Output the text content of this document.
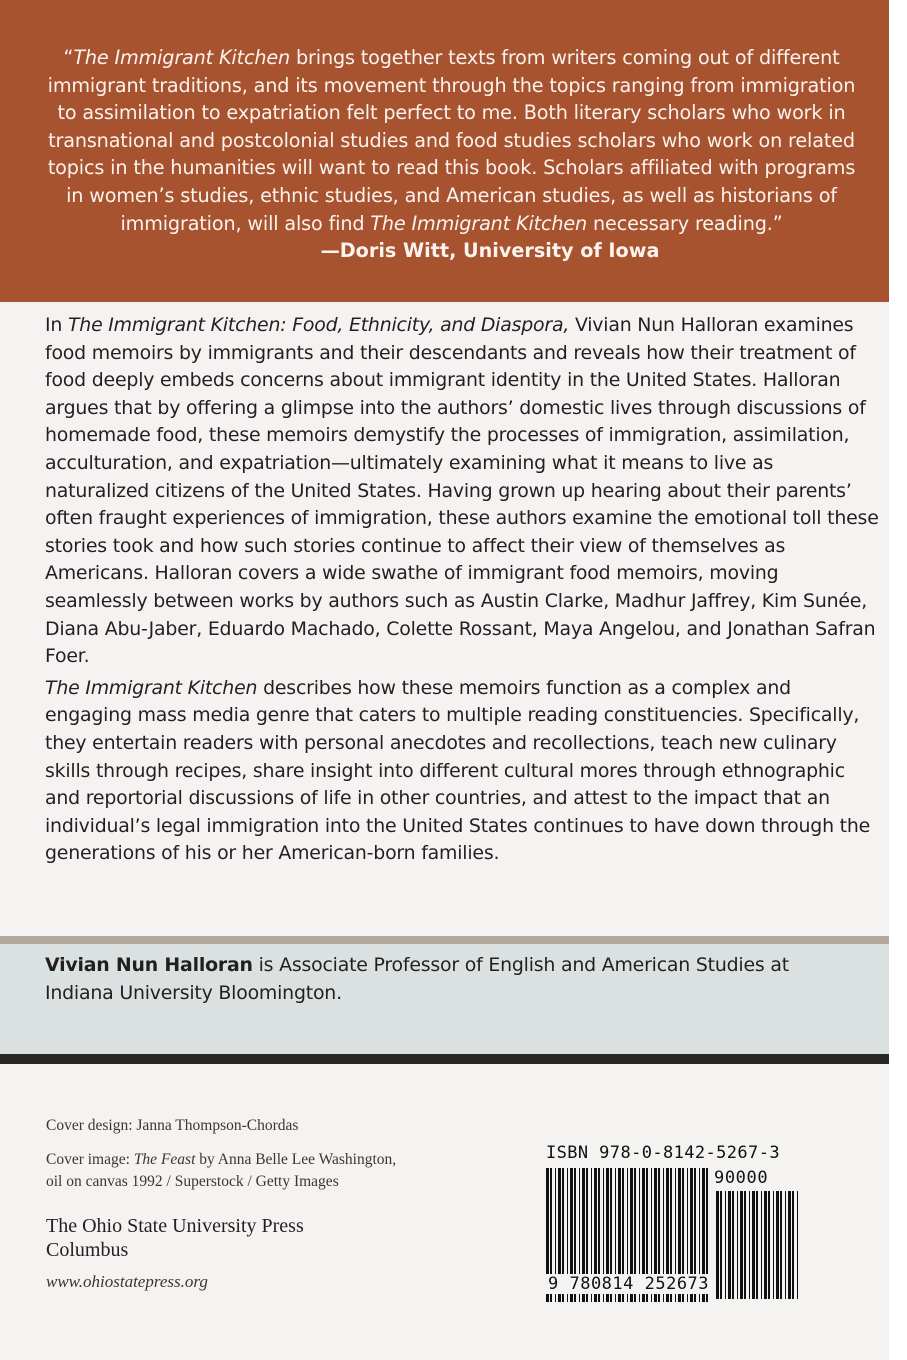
“The Immigrant Kitchen brings together texts from writers coming out of different immigrant traditions, and its movement through the topics ranging from immigration to assimilation to expatriation felt perfect to me. Both literary scholars who work in transnational and postcolonial studies and food studies scholars who work on related topics in the humanities will want to read this book. Scholars affiliated with programs in women’s studies, ethnic studies, and American studies, as well as historians of immigration, will also find The Immigrant Kitchen necessary reading.”

—Doris Witt, University of Iowa

In The Immigrant Kitchen: Food, Ethnicity, and Diaspora, Vivian Nun Halloran examines food memoirs by immigrants and their descendants and reveals how their treatment of food deeply embeds concerns about immigrant identity in the United States. Halloran argues that by offering a glimpse into the authors’ domestic lives through discussions of homemade food, these memoirs demystify the processes of immigration, assimilation, acculturation, and expatriation—ultimately examining what it means to live as naturalized citizens of the United States. Having grown up hearing about their parents’ often fraught experiences of immigration, these authors examine the emotional toll these stories took and how such stories continue to affect their view of themselves as Americans. Halloran covers a wide swathe of immigrant food memoirs, moving seamlessly between works by authors such as Austin Clarke, Madhur Jaffrey, Kim Sunée, Diana Abu-Jaber, Eduardo Machado, Colette Rossant, Maya Angelou, and Jonathan Safran Foer.

The Immigrant Kitchen describes how these memoirs function as a complex and engaging mass media genre that caters to multiple reading constituencies. Specifically, they entertain readers with personal anecdotes and recollections, teach new culinary skills through recipes, share insight into different cultural mores through ethnographic and reportorial discussions of life in other countries, and attest to the impact that an individual’s legal immigration into the United States continues to have down through the generations of his or her American-born families.

Vivian Nun Halloran is Associate Professor of English and American Studies at Indiana University Bloomington.

Cover design: Janna Thompson-Chordas

Cover image: The Feast by Anna Belle Lee Washington,
oil on canvas 1992 / Superstock / Getty Images

The Ohio State University Press
Columbus
www.ohiostatepress.org
ISBN 978-0-8142-5267-3
90000
9 780814 252673
